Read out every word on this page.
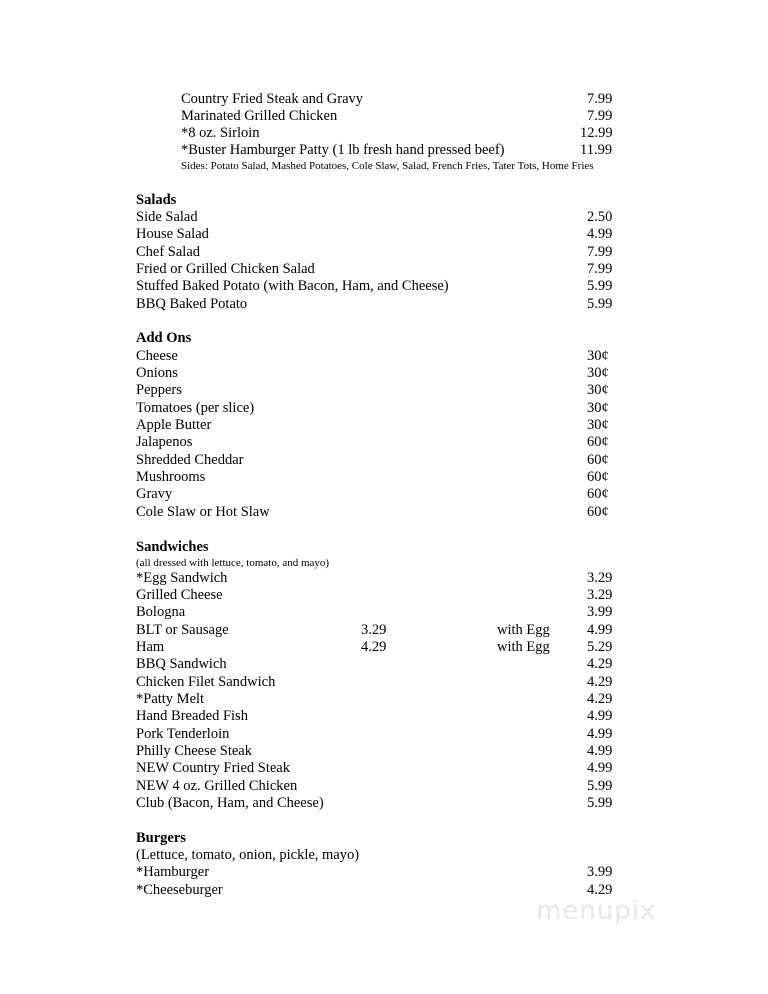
Country Fried Steak and Gravy	7.99
Marinated Grilled Chicken	7.99
*8 oz. Sirloin	12.99
*Buster Hamburger Patty (1 lb fresh hand pressed beef)	11.99
Sides: Potato Salad, Mashed Potatoes, Cole Slaw, Salad, French Fries, Tater Tots, Home Fries
Salads
Side Salad	2.50
House Salad	4.99
Chef Salad	7.99
Fried or Grilled Chicken Salad	7.99
Stuffed Baked Potato (with Bacon, Ham, and Cheese)	5.99
BBQ Baked Potato	5.99
Add Ons
Cheese	30¢
Onions	30¢
Peppers	30¢
Tomatoes (per slice)	30¢
Apple Butter	30¢
Jalapenos	60¢
Shredded Cheddar	60¢
Mushrooms	60¢
Gravy	60¢
Cole Slaw or Hot Slaw	60¢
Sandwiches
(all dressed with lettuce, tomato, and mayo)
*Egg Sandwich	3.29
Grilled Cheese	3.29
Bologna	3.99
BLT or Sausage	3.29	with Egg	4.99
Ham	4.29	with Egg	5.29
BBQ Sandwich	4.29
Chicken Filet Sandwich	4.29
*Patty Melt	4.29
Hand Breaded Fish	4.99
Pork Tenderloin	4.99
Philly Cheese Steak	4.99
NEW Country Fried Steak	4.99
NEW 4 oz. Grilled Chicken	5.99
Club (Bacon, Ham, and Cheese)	5.99
Burgers
(Lettuce, tomato, onion, pickle, mayo)
*Hamburger	3.99
*Cheeseburger	4.29
menupix
